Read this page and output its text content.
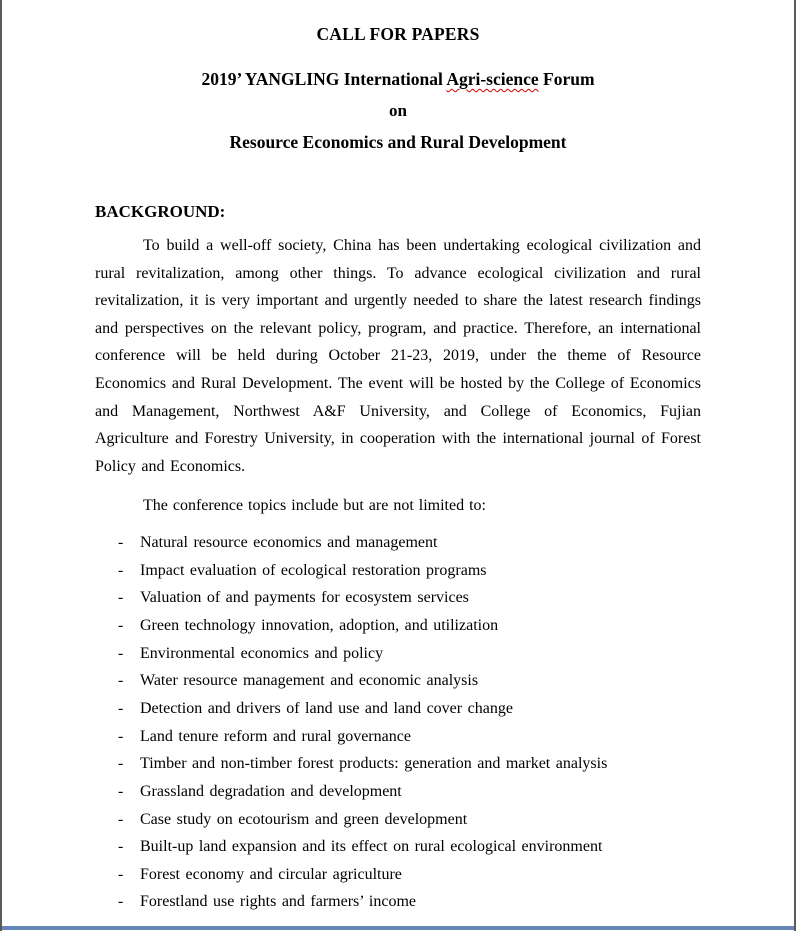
CALL FOR PAPERS
2019’ YANGLING International Agri-science Forum
on
Resource Economics and Rural Development
BACKGROUND:
To build a well-off society, China has been undertaking ecological civilization and rural revitalization, among other things. To advance ecological civilization and rural revitalization, it is very important and urgently needed to share the latest research findings and perspectives on the relevant policy, program, and practice. Therefore, an international conference will be held during October 21-23, 2019, under the theme of Resource Economics and Rural Development. The event will be hosted by the College of Economics and Management, Northwest A&F University, and College of Economics, Fujian Agriculture and Forestry University, in cooperation with the international journal of Forest Policy and Economics.
The conference topics include but are not limited to:
- Natural resource economics and management
- Impact evaluation of ecological restoration programs
- Valuation of and payments for ecosystem services
- Green technology innovation, adoption, and utilization
- Environmental economics and policy
- Water resource management and economic analysis
- Detection and drivers of land use and land cover change
- Land tenure reform and rural governance
- Timber and non-timber forest products: generation and market analysis
- Grassland degradation and development
- Case study on ecotourism and green development
- Built-up land expansion and its effect on rural ecological environment
- Forest economy and circular agriculture
- Forestland use rights and farmers’ income
